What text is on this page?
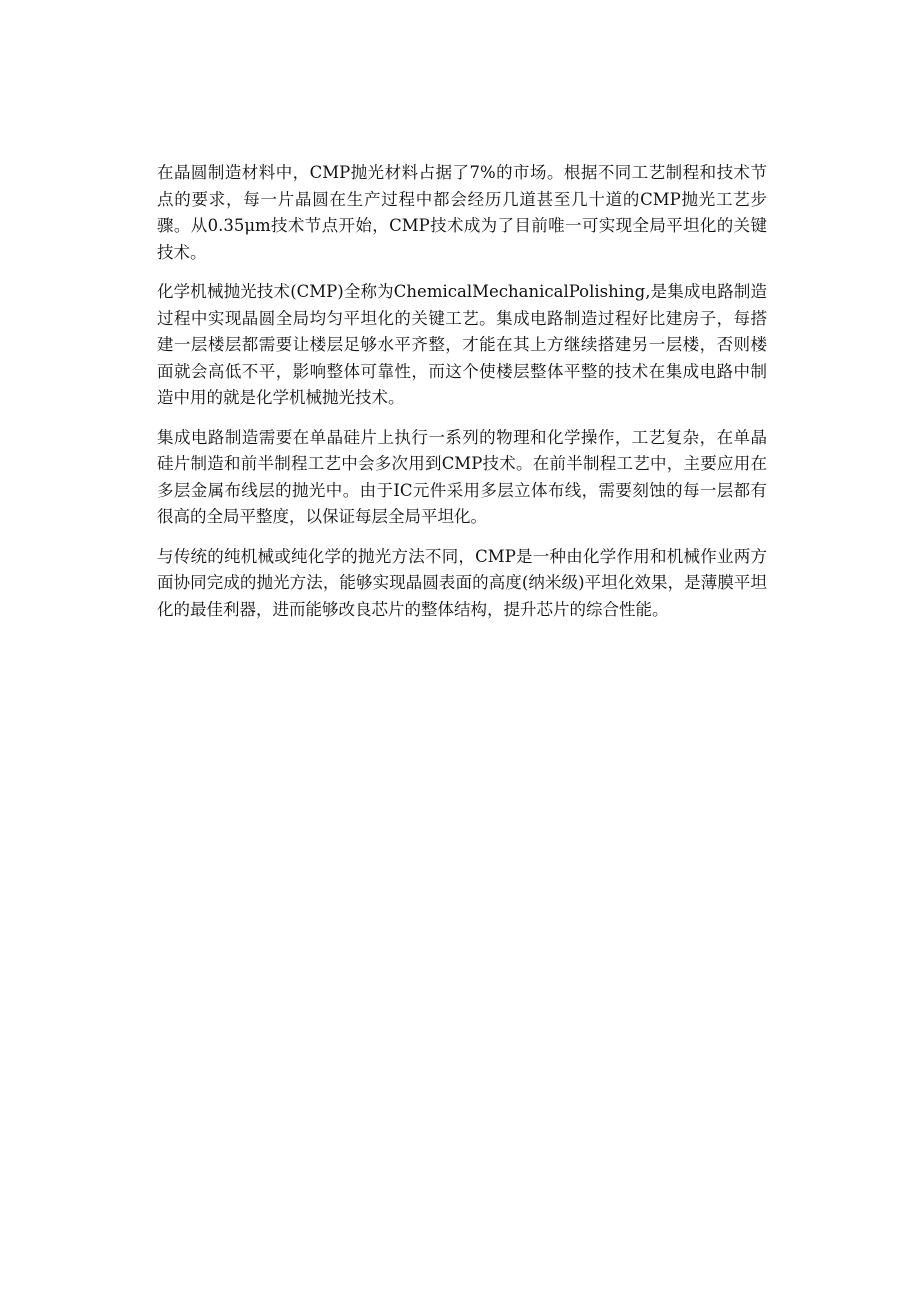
在晶圆制造材料中，CMP抛光材料占据了7%的市场。根据不同工艺制程和技术节点的要求，每一片晶圆在生产过程中都会经历几道甚至几十道的CMP抛光工艺步骤。从0.35μm技术节点开始，CMP技术成为了目前唯一可实现全局平坦化的关键技术。

化学机械抛光技术(CMP)全称为ChemicalMechanicalPolishing,是集成电路制造过程中实现晶圆全局均匀平坦化的关键工艺。集成电路制造过程好比建房子，每搭建一层楼层都需要让楼层足够水平齐整，才能在其上方继续搭建另一层楼，否则楼面就会高低不平，影响整体可靠性，而这个使楼层整体平整的技术在集成电路中制造中用的就是化学机械抛光技术。

集成电路制造需要在单晶硅片上执行一系列的物理和化学操作，工艺复杂，在单晶硅片制造和前半制程工艺中会多次用到CMP技术。在前半制程工艺中，主要应用在多层金属布线层的抛光中。由于IC元件采用多层立体布线，需要刻蚀的每一层都有很高的全局平整度，以保证每层全局平坦化。

与传统的纯机械或纯化学的抛光方法不同，CMP是一种由化学作用和机械作业两方面协同完成的抛光方法，能够实现晶圆表面的高度(纳米级)平坦化效果，是薄膜平坦化的最佳利器，进而能够改良芯片的整体结构，提升芯片的综合性能。
